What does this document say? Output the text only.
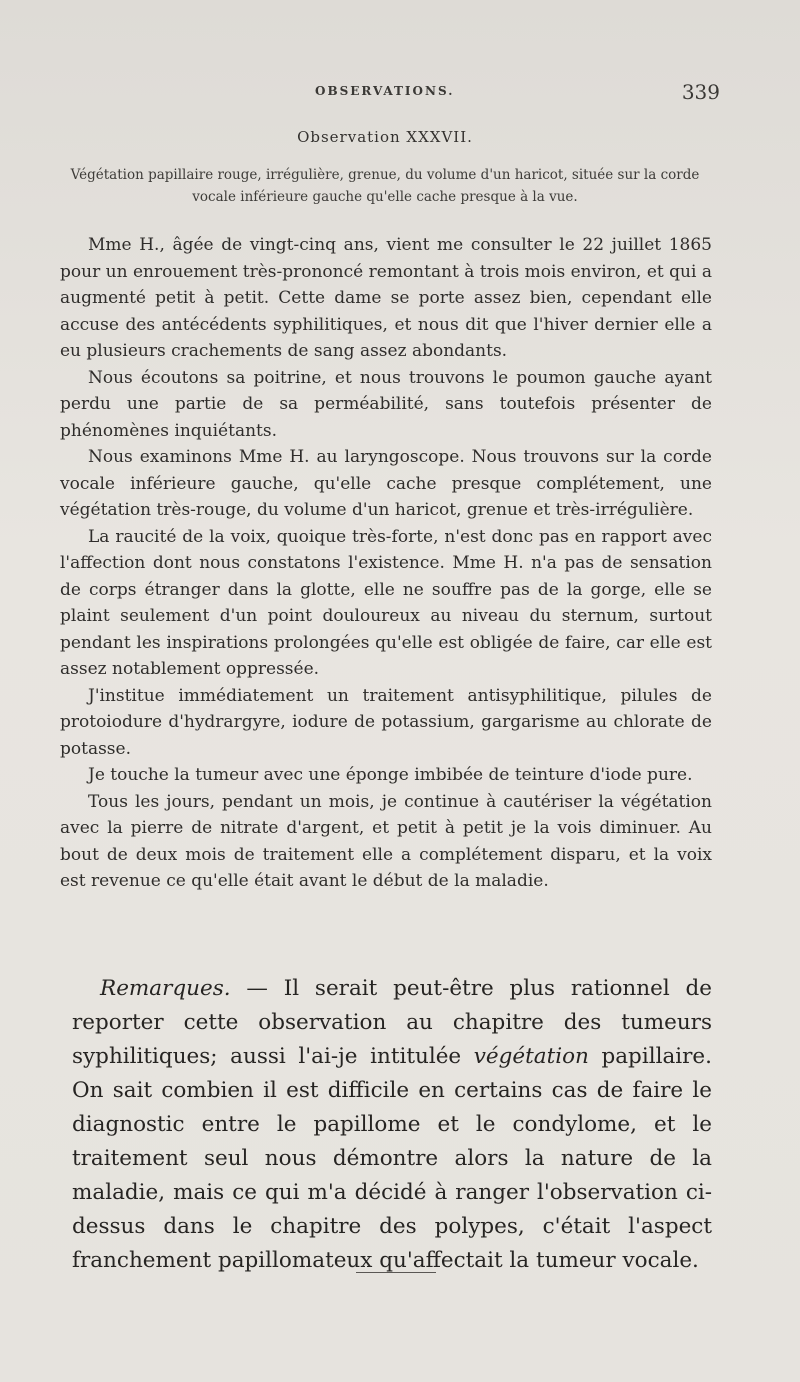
OBSERVATIONS.	339
Observation XXXVII.
Végétation papillaire rouge, irrégulière, grenue, du volume d'un haricot, située sur la corde vocale inférieure gauche qu'elle cache presque à la vue.

Mme H., âgée de vingt-cinq ans, vient me consulter le 22 juillet 1865 pour un enrouement très-prononcé remontant à trois mois environ, et qui a augmenté petit à petit. Cette dame se porte assez bien, cependant elle accuse des antécédents syphilitiques, et nous dit que l'hiver dernier elle a eu plusieurs crachements de sang assez abondants.

Nous écoutons sa poitrine, et nous trouvons le poumon gauche ayant perdu une partie de sa perméabilité, sans toutefois présenter de phénomènes inquiétants.

Nous examinons Mme H. au laryngoscope. Nous trouvons sur la corde vocale inférieure gauche, qu'elle cache presque complétement, une végétation très-rouge, du volume d'un haricot, grenue et très-irrégulière.

La raucité de la voix, quoique très-forte, n'est donc pas en rapport avec l'affection dont nous constatons l'existence. Mme H. n'a pas de sensation de corps étranger dans la glotte, elle ne souffre pas de la gorge, elle se plaint seulement d'un point douloureux au niveau du sternum, surtout pendant les inspirations prolongées qu'elle est obligée de faire, car elle est assez notablement oppressée.

J'institue immédiatement un traitement antisyphilitique, pilules de protoiodure d'hydrargyre, iodure de potassium, gargarisme au chlorate de potasse.

Je touche la tumeur avec une éponge imbibée de teinture d'iode pure.

Tous les jours, pendant un mois, je continue à cautériser la végétation avec la pierre de nitrate d'argent, et petit à petit je la vois diminuer. Au bout de deux mois de traitement elle a complétement disparu, et la voix est revenue ce qu'elle était avant le début de la maladie.

Remarques. — Il serait peut-être plus rationnel de reporter cette observation au chapitre des tumeurs syphilitiques; aussi l'ai-je intitulée végétation papillaire. On sait combien il est difficile en certains cas de faire le diagnostic entre le papillome et le condylome, et le traitement seul nous démontre alors la nature de la maladie, mais ce qui m'a décidé à ranger l'observation ci-dessus dans le chapitre des polypes, c'était l'aspect franchement papillomateux qu'affectait la tumeur vocale.
